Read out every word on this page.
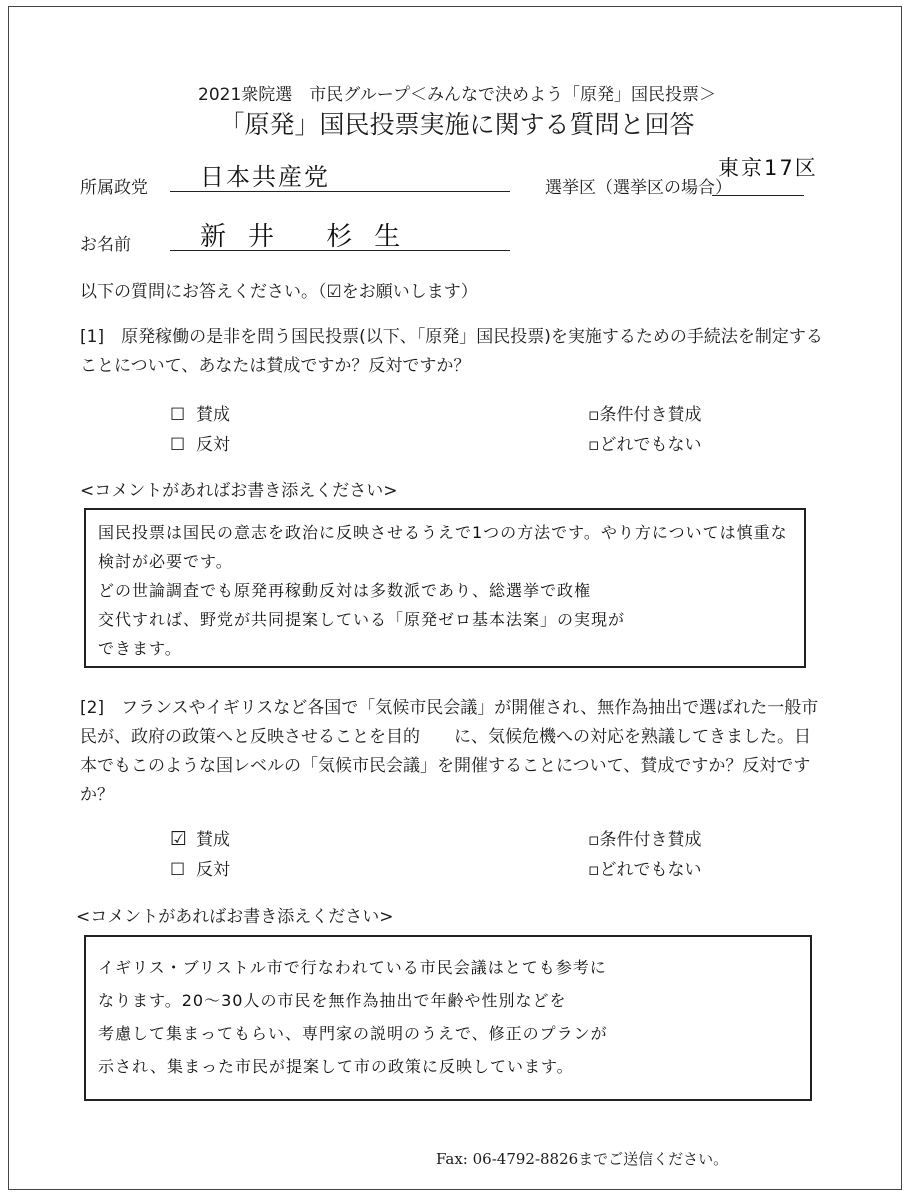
2021衆院選　市民グループ＜みんなで決めよう「原発」国民投票＞
「原発」国民投票実施に関する質問と回答
所属政党 日本共産党	選挙区（選挙区の場合）
東京17区
お名前	新井 杉生
以下の質問にお答えください。（☑をお願いします）
[1]　原発稼働の是非を問う国民投票(以下、「原発」国民投票)を実施するための手続法を制定することについて、あなたは賛成ですか？反対ですか？
☐ 賛成
☐ 反対
▫条件付き賛成
▫どれでもない
<コメントがあればお書き添えください>
国民投票は国民の意志を政治に反映させるうえで1つの方法です。やり方については慎重な検討が必要です。
どの世論調査でも原発再稼動反対は多数派であり、総選挙で政権
交代すれば、野党が共同提案している「原発ゼロ基本法案」の実現が
できます。
[2]　フランスやイギリスなど各国で「気候市民会議」が開催され、無作為抽出で選ばれた一般市民が、政府の政策へと反映させることを目的　　に、気候危機への対応を熟議してきました。日本でもこのような国レベルの「気候市民会議」を開催することについて、賛成ですか？反対ですか？
☑ 賛成
☐ 反対
▫条件付き賛成
▫どれでもない
<コメントがあればお書き添えください>
イギリス・ブリストル市で行なわれている市民会議はとても参考に
なります。20～30人の市民を無作為抽出で年齢や性別などを
考慮して集まってもらい、専門家の説明のうえで、修正のプランが
示され、集まった市民が提案して市の政策に反映しています。
Fax: 06-4792-8826までご送信ください。
